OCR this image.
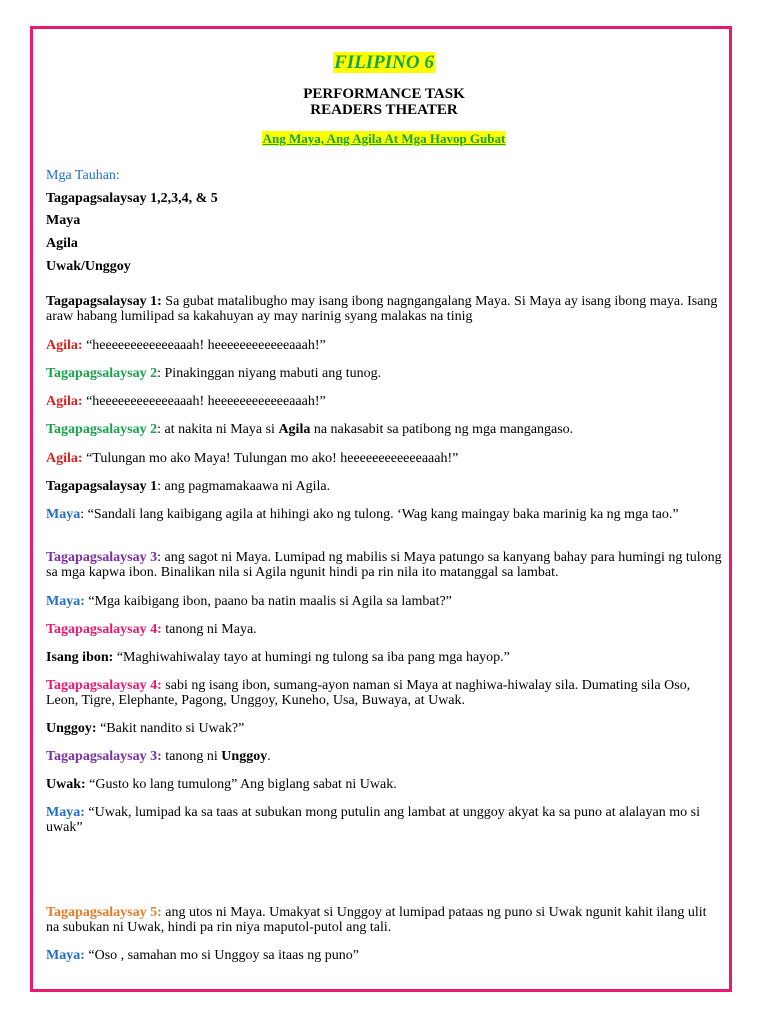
FILIPINO 6
PERFORMANCE TASK
READERS THEATER
Ang Maya, Ang Agila At Mga Havop Gubat
Mga Tauhan:
Tagapagsalaysay 1,2,3,4, & 5
Maya
Agila
Uwak/Unggoy
Tagapagsalaysay 1: Sa gubat matalibugho may isang ibong nagngangalang Maya. Si Maya ay isang ibong maya. Isang araw habang lumilipad sa kakahuyan ay may narinig syang malakas na tinig
Agila: “heeeeeeeeeeeeaaah! heeeeeeeeeeeeaaah!”
Tagapagsalaysay 2: Pinakinggan niyang mabuti ang tunog.
Agila: “heeeeeeeeeeeeaaah! heeeeeeeeeeeeaaah!”
Tagapagsalaysay 2: at nakita ni Maya si Agila na nakasabit sa patibong ng mga mangangaso.
Agila: “Tulungan mo ako Maya! Tulungan mo ako! heeeeeeeeeeeeaaah!”
Tagapagsalaysay 1: ang pagmamakaawa ni Agila.
Maya: “Sandali lang kaibigang agila at hihingi ako ng tulong. ‘Wag kang maingay baka marinig ka ng mga tao.”
Tagapagsalaysay 3: ang sagot ni Maya. Lumipad ng mabilis si Maya patungo sa kanyang bahay para humingi ng tulong sa mga kapwa ibon. Binalikan nila si Agila ngunit hindi pa rin nila ito matanggal sa lambat.
Maya: “Mga kaibigang ibon, paano ba natin maalis si Agila sa lambat?”
Tagapagsalaysay 4: tanong ni Maya.
Isang ibon: “Maghiwahiwalay tayo at humingi ng tulong sa iba pang mga hayop.”
Tagapagsalaysay 4: sabi ng isang ibon, sumang-ayon naman si Maya at naghiwa-hiwalay sila. Dumating sila Oso, Leon, Tigre, Elephante, Pagong, Unggoy, Kuneho, Usa, Buwaya, at Uwak.
Unggoy: “Bakit nandito si Uwak?”
Tagapagsalaysay 3: tanong ni Unggoy.
Uwak: “Gusto ko lang tumulong” Ang biglang sabat ni Uwak.
Maya: “Uwak, lumipad ka sa taas at subukan mong putulin ang lambat at unggoy akyat ka sa puno at alalayan mo si uwak”
Tagapagsalaysay 5: ang utos ni Maya. Umakyat si Unggoy at lumipad pataas ng puno si Uwak ngunit kahit ilang ulit na subukan ni Uwak, hindi pa rin niya maputol-putol ang tali.
Maya: “Oso , samahan mo si Unggoy sa itaas ng puno”
